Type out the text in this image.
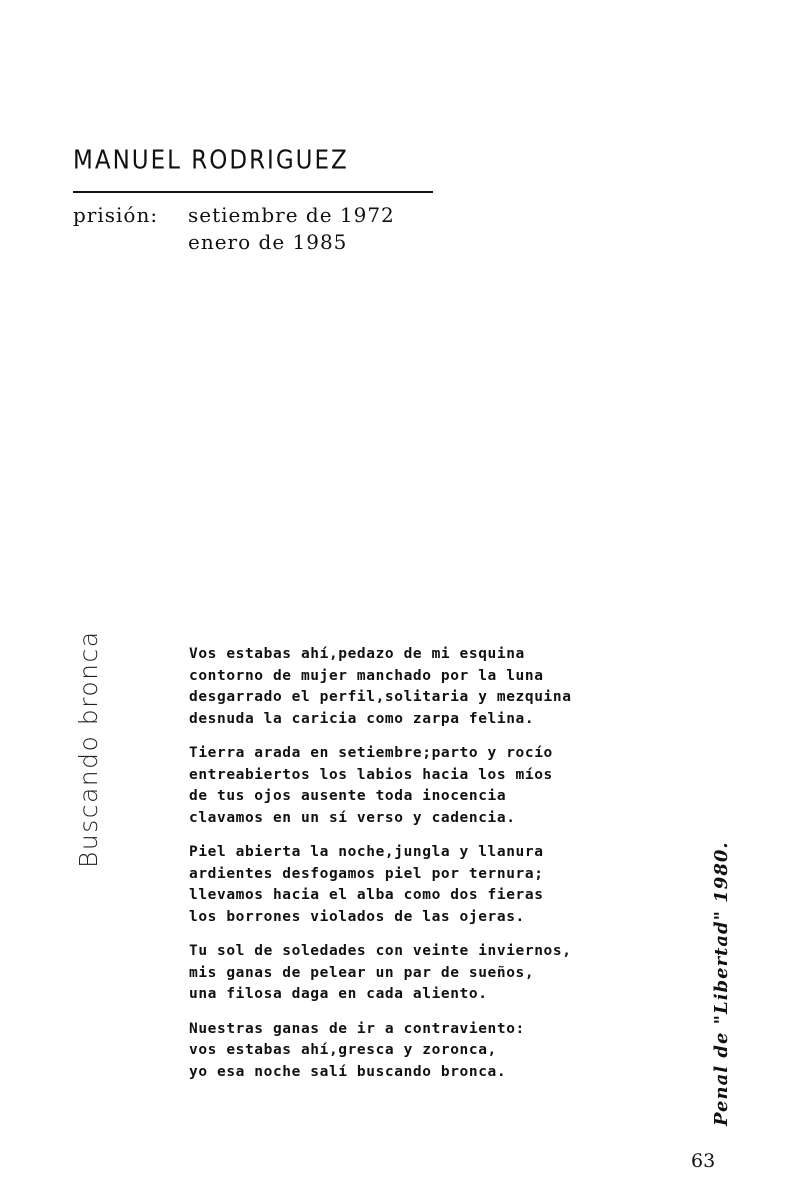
MANUEL RODRIGUEZ
prisión: setiembre de 1972
enero de 1985
Buscando bronca	Vos estabas ahí,pedazo de mi esquina
contorno de mujer manchado por la luna
desgarrado el perfil,solitaria y mezquina
desnuda la caricia como zarpa felina.
Tierra arada en setiembre;parto y rocío
entreabiertos los labios hacia los míos
de tus ojos ausente toda inocencia
clavamos en un sí verso y cadencia.
Piel abierta la noche,jungla y llanura
ardientes desfogamos piel por ternura;
llevamos hacia el alba como dos fieras
los borrones violados de las ojeras.
Tu sol de soledades con veinte inviernos,
mis ganas de pelear un par de sueños,
una filosa daga en cada aliento.
Nuestras ganas de ir a contraviento:
vos estabas ahí,gresca y zoronca,
yo esa noche salí buscando bronca.	Penal de "Libertad" 1980.
63
